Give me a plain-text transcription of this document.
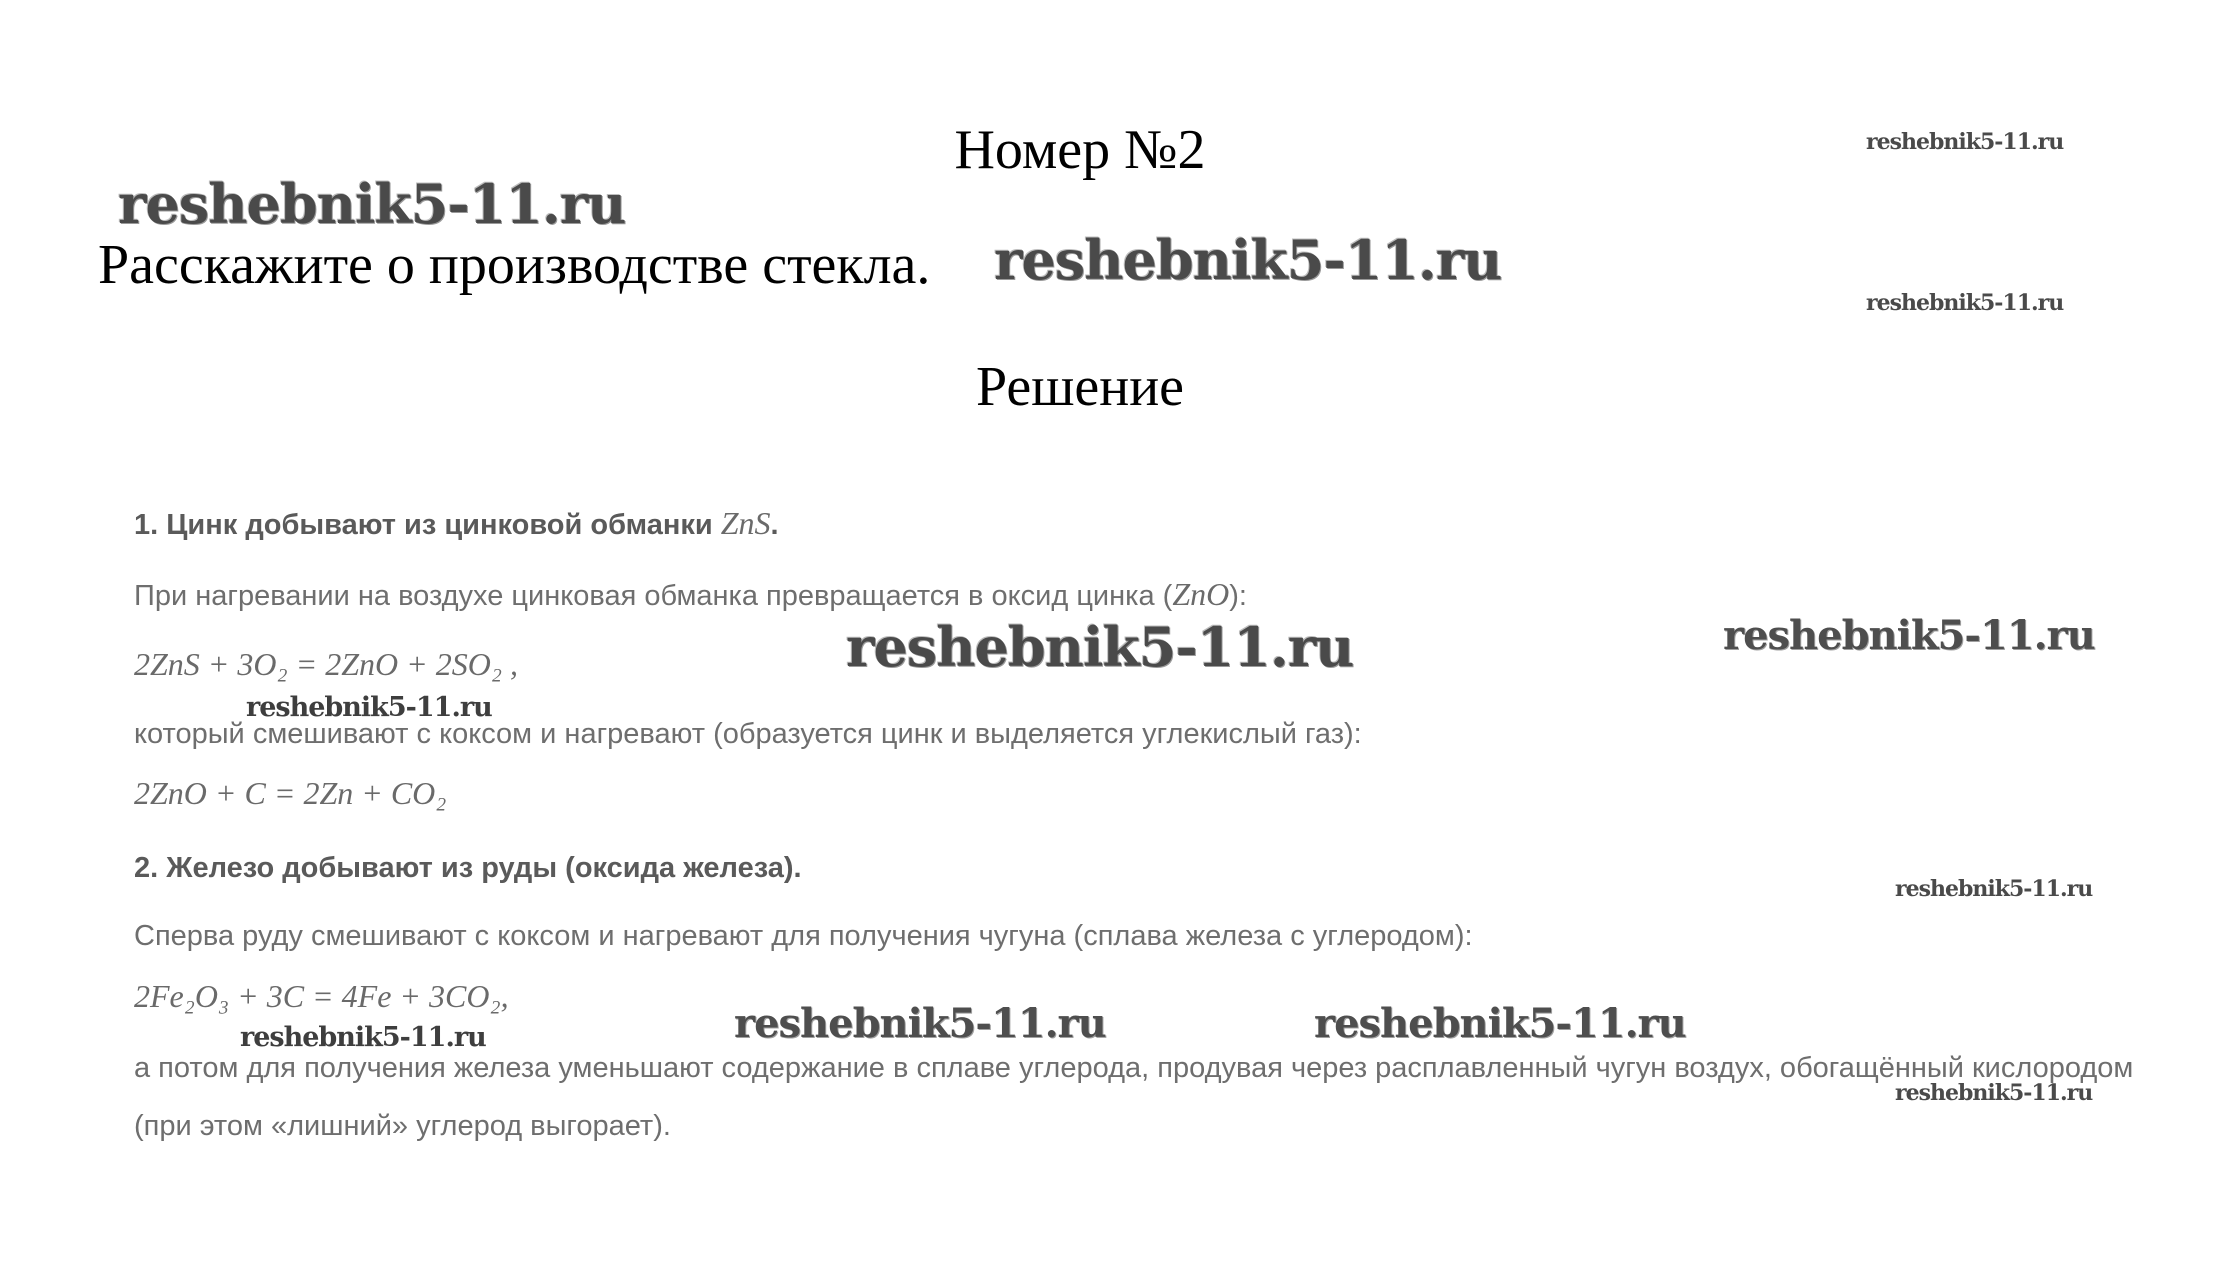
Номер №2
Расскажите о производстве стекла.
Решение
1. Цинк добывают из цинковой обманки ZnS.
При нагревании на воздухе цинковая обманка превращается в оксид цинка (ZnO):
2ZnS + 3O₂ = 2ZnO + 2SO₂ ,
который смешивают с коксом и нагревают (образуется цинк и выделяется углекислый газ):
2ZnO + C = 2Zn + CO₂
2. Железо добывают из руды (оксида железа).
Сперва руду смешивают с коксом и нагревают для получения чугуна (сплава железа с углеродом):
2Fe₂O₃ + 3C = 4Fe + 3CO₂,
а потом для получения железа уменьшают содержание в сплаве углерода, продувая через расплавленный чугун воздух, обогащённый кислородом
(при этом «лишний» углерод выгорает).
reshebnik5-11.ru
reshebnik5-11.ru
reshebnik5-11.ru
reshebnik5-11.ru
reshebnik5-11.ru	reshebnik5-11.ru
reshebnik5-11.ru
reshebnik5-11.ru
reshebnik5-11.ru	reshebnik5-11.ru
reshebnik5-11.ru
reshebnik5-11.ru
